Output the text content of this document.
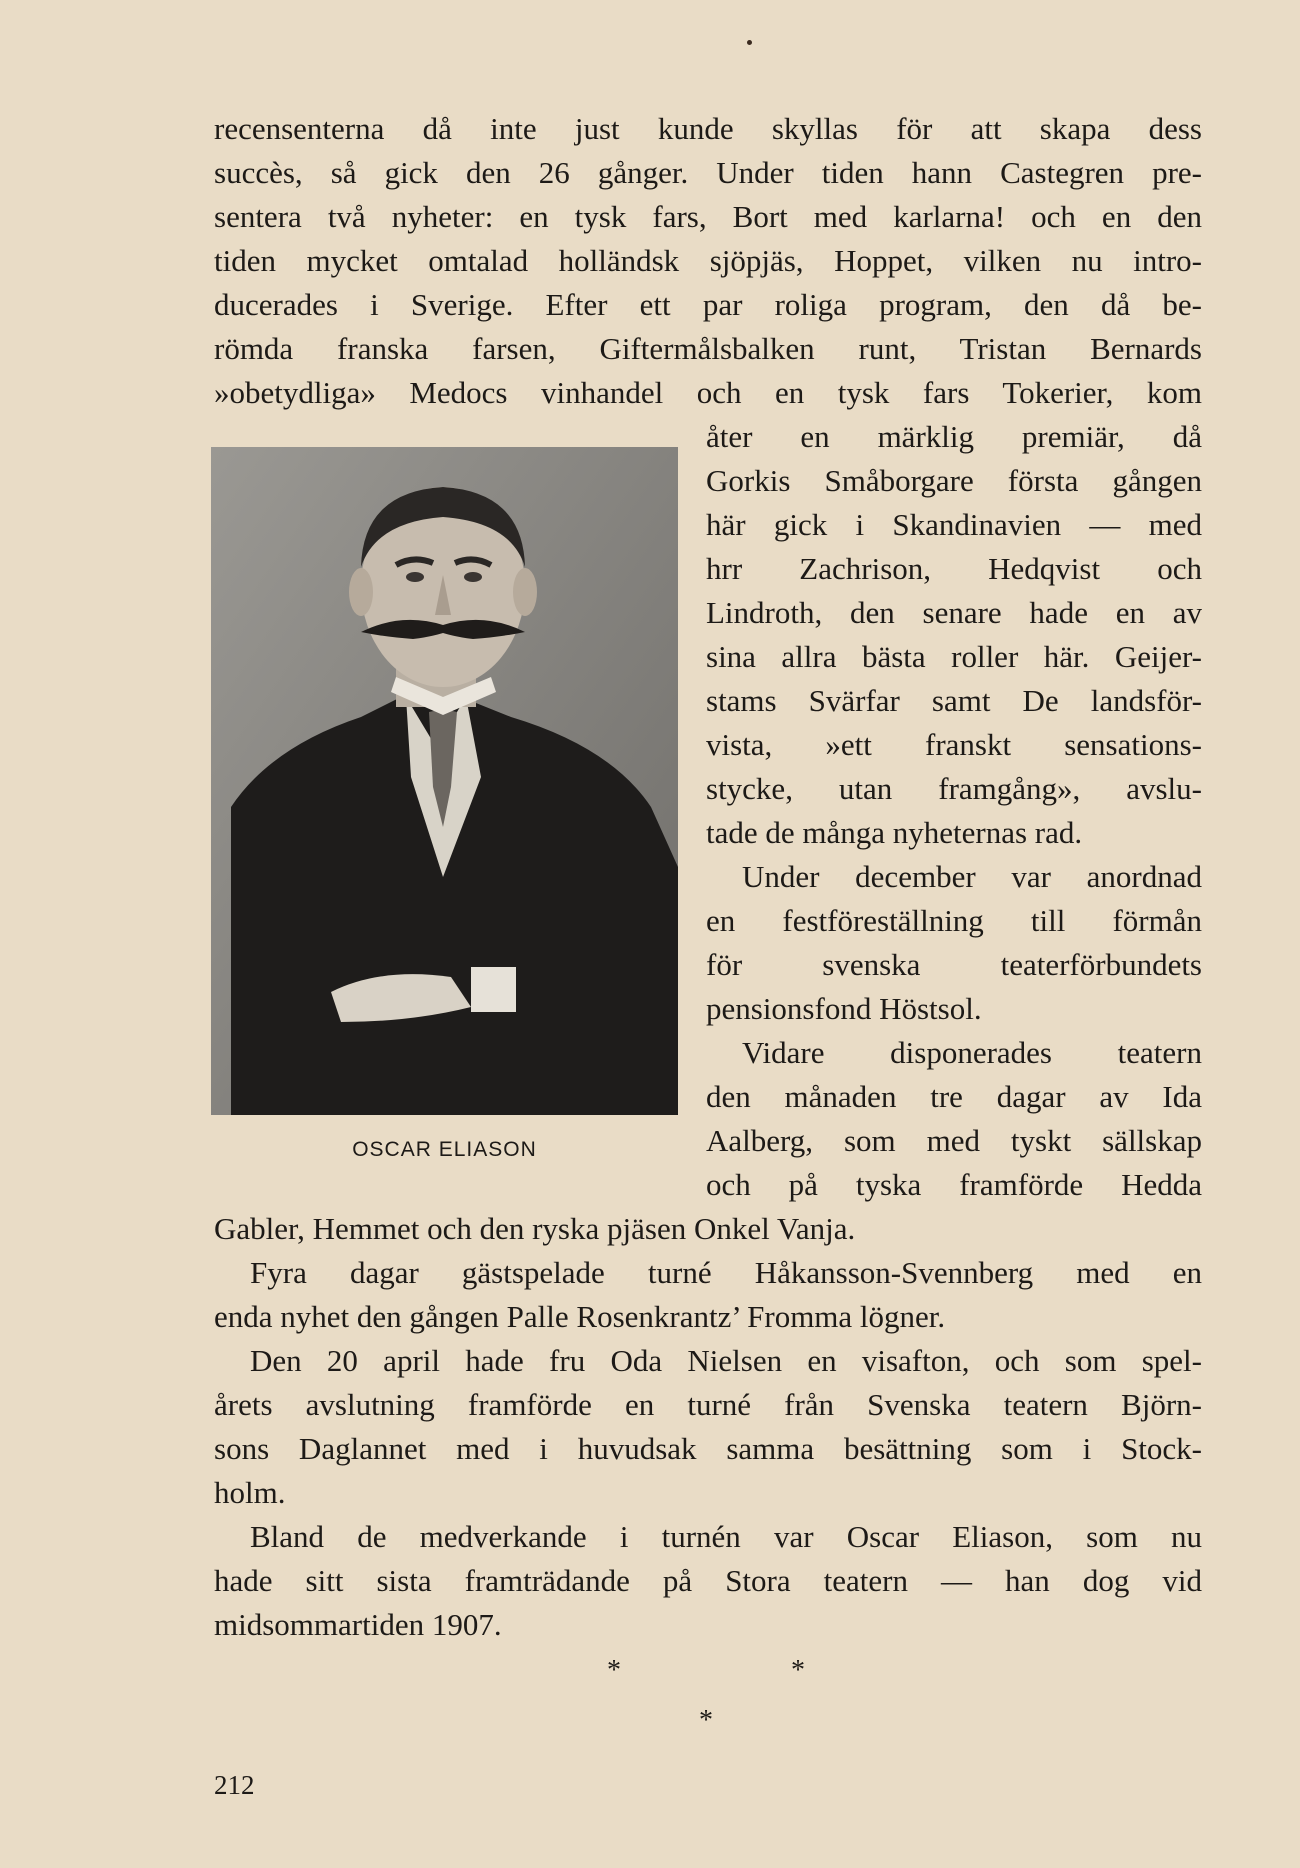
recensenterna då inte just kunde skyllas för att skapa dess
succès, så gick den 26 gånger. Under tiden hann Castegren pre-
sentera två nyheter: en tysk fars, Bort med karlarna! och en den
tiden mycket omtalad holländsk sjöpjäs, Hoppet, vilken nu intro-
ducerades i Sverige. Efter ett par roliga program, den då be-
römda franska farsen, Giftermålsbalken runt, Tristan Bernards
»obetydliga» Medocs vinhandel och en tysk fars Tokerier, kom
OSCAR ELIASON
åter en märklig premiär, då
Gorkis Småborgare första gången
här gick i Skandinavien — med
hrr Zachrison, Hedqvist och
Lindroth, den senare hade en av
sina allra bästa roller här. Geijer-
stams Svärfar samt De landsför-
vista, »ett franskt sensations-
stycke, utan framgång», avslu-
tade de många nyheternas rad.
Under december var anordnad
en festföreställning till förmån
för svenska teaterförbundets
pensionsfond Höstsol.
Vidare disponerades teatern
den månaden tre dagar av Ida
Aalberg, som med tyskt sällskap
och på tyska framförde Hedda
Gabler, Hemmet och den ryska pjäsen Onkel Vanja.
Fyra dagar gästspelade turné Håkansson-Svennberg med en
enda nyhet den gången Palle Rosenkrantz’ Fromma lögner.
Den 20 april hade fru Oda Nielsen en visafton, och som spel-
årets avslutning framförde en turné från Svenska teatern Björn-
sons Daglannet med i huvudsak samma besättning som i Stock-
holm.
Bland de medverkande i turnén var Oscar Eliason, som nu
hade sitt sista framträdande på Stora teatern — han dog vid
midsommartiden 1907.
*	*
*
212
